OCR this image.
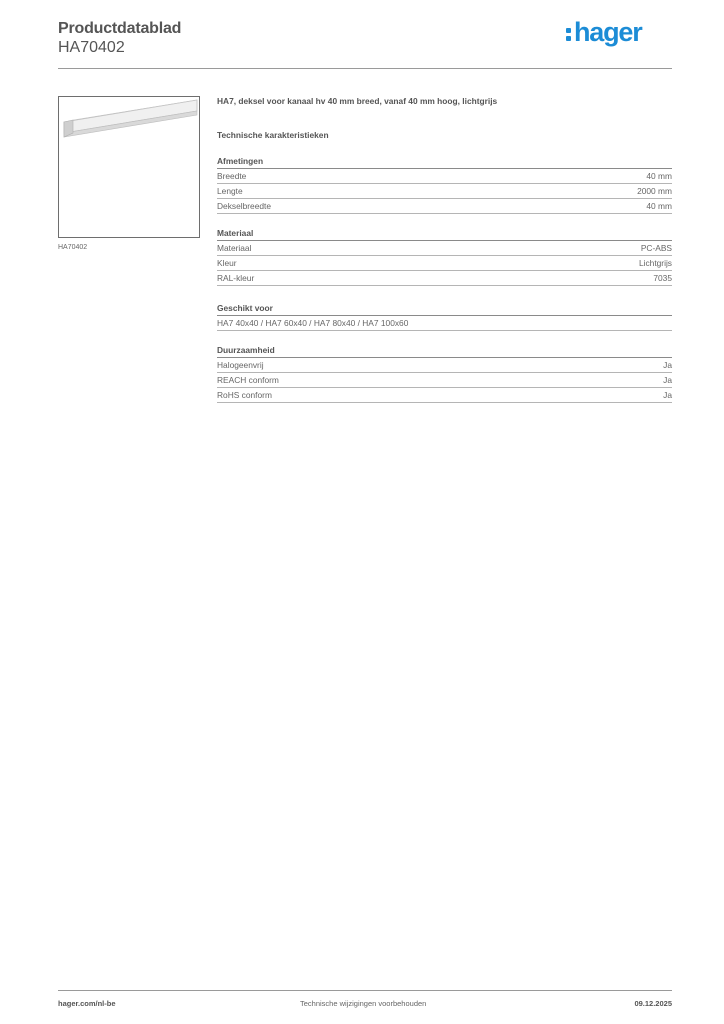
Productdatablad
HA70402
hager
HA70402

HA7, deksel voor kanaal hv 40 mm breed, vanaf 40 mm hoog, lichtgrijs

Technische karakteristieken

Afmetingen
Breedte	40 mm
Lengte	2000 mm
Dekselbreedte	40 mm
Materiaal
Materiaal	PC-ABS
Kleur	Lichtgrijs
RAL-kleur	7035
Geschikt voor
HA7 40x40 / HA7 60x40 / HA7 80x40 / HA7 100x60
Duurzaamheid
Halogeenvrij	Ja
REACH conform	Ja
RoHS conform	Ja
hager.com/nl-be	Technische wijzigingen voorbehouden	09.12.2025
